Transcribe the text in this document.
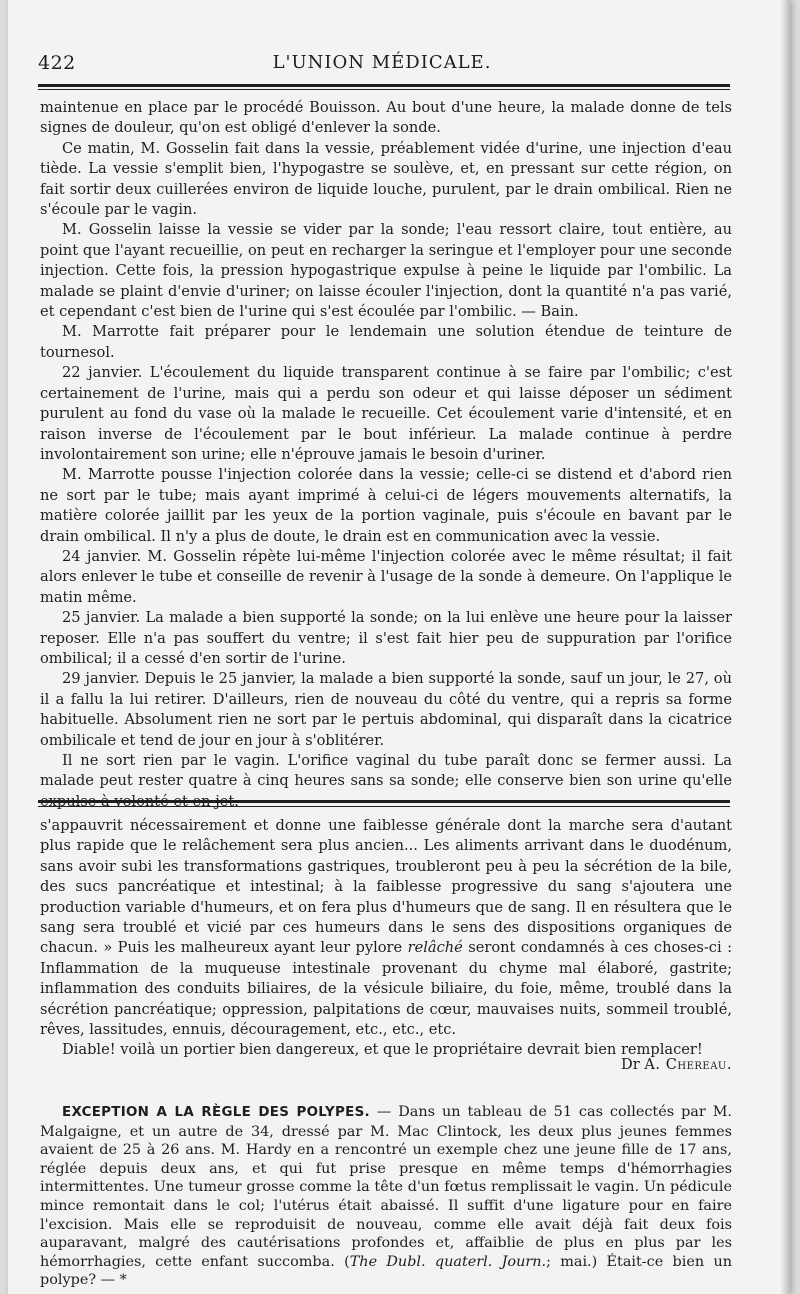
422	L'UNION MÉDICALE.

maintenue en place par le procédé Bouisson. Au bout d'une heure, la malade donne de tels signes de douleur, qu'on est obligé d'enlever la sonde.

Ce matin, M. Gosselin fait dans la vessie, préablement vidée d'urine, une injection d'eau tiède. La vessie s'emplit bien, l'hypogastre se soulève, et, en pressant sur cette région, on fait sortir deux cuillerées environ de liquide louche, purulent, par le drain ombilical. Rien ne s'écoule par le vagin.

M. Gosselin laisse la vessie se vider par la sonde; l'eau ressort claire, tout entière, au point que l'ayant recueillie, on peut en recharger la seringue et l'employer pour une seconde injection. Cette fois, la pression hypogastrique expulse à peine le liquide par l'ombilic. La malade se plaint d'envie d'uriner; on laisse écouler l'injection, dont la quantité n'a pas varié, et cependant c'est bien de l'urine qui s'est écoulée par l'ombilic. — Bain.

M. Marrotte fait préparer pour le lendemain une solution étendue de teinture de tournesol.

22 janvier. L'écoulement du liquide transparent continue à se faire par l'ombilic; c'est certainement de l'urine, mais qui a perdu son odeur et qui laisse déposer un sédiment purulent au fond du vase où la malade le recueille. Cet écoulement varie d'intensité, et en raison inverse de l'écoulement par le bout inférieur. La malade continue à perdre involontairement son urine; elle n'éprouve jamais le besoin d'uriner.

M. Marrotte pousse l'injection colorée dans la vessie; celle-ci se distend et d'abord rien ne sort par le tube; mais ayant imprimé à celui-ci de légers mouvements alternatifs, la matière colorée jaillit par les yeux de la portion vaginale, puis s'écoule en bavant par le drain ombilical. Il n'y a plus de doute, le drain est en communication avec la vessie.

24 janvier. M. Gosselin répète lui-même l'injection colorée avec le même résultat; il fait alors enlever le tube et conseille de revenir à l'usage de la sonde à demeure. On l'applique le matin même.

25 janvier. La malade a bien supporté la sonde; on la lui enlève une heure pour la laisser reposer. Elle n'a pas souffert du ventre; il s'est fait hier peu de suppuration par l'orifice ombilical; il a cessé d'en sortir de l'urine.

29 janvier. Depuis le 25 janvier, la malade a bien supporté la sonde, sauf un jour, le 27, où il a fallu la lui retirer. D'ailleurs, rien de nouveau du côté du ventre, qui a repris sa forme habituelle. Absolument rien ne sort par le pertuis abdominal, qui disparaît dans la cicatrice ombilicale et tend de jour en jour à s'oblitérer.

Il ne sort rien par le vagin. L'orifice vaginal du tube paraît donc se fermer aussi. La malade peut rester quatre à cinq heures sans sa sonde; elle conserve bien son urine qu'elle

s'appauvrit nécessairement et donne une faiblesse générale dont la marche sera d'autant plus rapide que le relâchement sera plus ancien... Les aliments arrivant dans le duodénum, sans avoir subi les transformations gastriques, troubleront peu à peu la sécrétion de la bile, des sucs pancréatique et intestinal; à la faiblesse progressive du sang s'ajoutera une production variable d'humeurs, et on fera plus d'humeurs que de sang. Il en résultera que le sang sera troublé et vicié par ces humeurs dans le sens des dispositions organiques de chacun. » Puis les malheureux ayant leur pylore relâché seront condamnés à ces choses-ci : Inflammation de la muqueuse intestinale provenant du chyme mal élaboré, gastrite; inflammation des conduits biliaires, de la vésicule biliaire, du foie, même, troublé dans la sécrétion pancréatique; oppression, palpitations de cœur, mauvaises nuits, sommeil troublé, rêves, lassitudes, ennuis, découragement, etc., etc., etc.

Diable! voilà un portier bien dangereux, et que le propriétaire devrait bien remplacer!

Dr A. Chereau.

EXCEPTION A LA RÈGLE DES POLYPES. — Dans un tableau de 51 cas collectés par M. Malgaigne, et un autre de 34, dressé par M. Mac Clintock, les deux plus jeunes femmes avaient de 25 à 26 ans. M. Hardy en a rencontré un exemple chez une jeune fille de 17 ans, réglée depuis deux ans, et qui fut prise presque en même temps d'hémorrhagies intermittentes. Une tumeur grosse comme la tête d'un fœtus remplissait le vagin. Un pédicule mince remontait dans le col; l'utérus était abaissé. Il suffit d'une ligature pour en faire l'excision. Mais elle se reproduisit de nouveau, comme elle avait déjà fait deux fois auparavant, malgré des cautérisations profondes et, affaiblie de plus en plus par les hémorrhagies, cette enfant succomba. (The Dubl. quaterl. Journ.; mai.) Était-ce bien un polype? — *
